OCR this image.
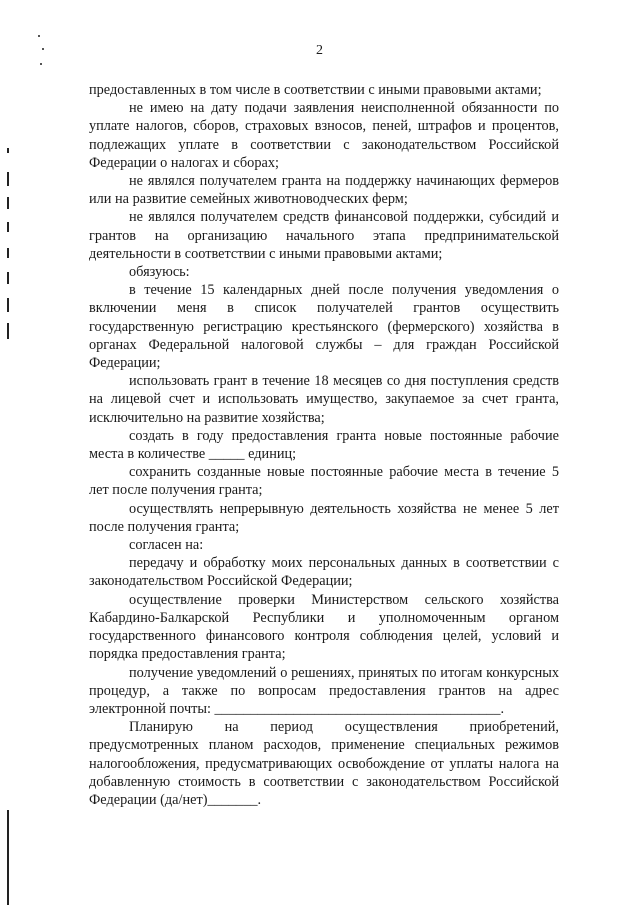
2

предоставленных в том числе в соответствии с иными правовыми актами;

не имею на дату подачи заявления неисполненной обязанности по уплате налогов, сборов, страховых взносов, пеней, штрафов и процентов, подлежащих уплате в соответствии с законодательством Российской Федерации о налогах и сборах;

не являлся получателем гранта на поддержку начинающих фермеров или на развитие семейных животноводческих ферм;

не являлся получателем средств финансовой поддержки, субсидий и грантов на организацию начального этапа предпринимательской деятельности в соответствии с иными правовыми актами;

обязуюсь:

в течение 15 календарных дней после получения уведомления о включении меня в список получателей грантов осуществить государственную регистрацию крестьянского (фермерского) хозяйства в органах Федеральной налоговой службы – для граждан Российской Федерации;

использовать грант в течение 18 месяцев со дня поступления средств на лицевой счет и использовать имущество, закупаемое за счет гранта, исключительно на развитие хозяйства;

создать в году предоставления гранта новые постоянные рабочие места в количестве _____ единиц;

сохранить созданные новые постоянные рабочие места в течение 5 лет после получения гранта;

осуществлять непрерывную деятельность хозяйства не менее 5 лет после получения гранта;

согласен на:

передачу и обработку моих персональных данных в соответствии с законодательством Российской Федерации;

осуществление проверки Министерством сельского хозяйства Кабардино-Балкарской Республики и уполномоченным органом государственного финансового контроля соблюдения целей, условий и порядка предоставления гранта;

получение уведомлений о решениях, принятых по итогам конкурсных процедур, а также по вопросам предоставления грантов на адрес электронной почты: ________________________________________.

Планирую на период осуществления приобретений, предусмотренных планом расходов, применение специальных режимов налогообложения, предусматривающих освобождение от уплаты налога на добавленную стоимость в соответствии с законодательством Российской Федерации (да/нет)_______.
